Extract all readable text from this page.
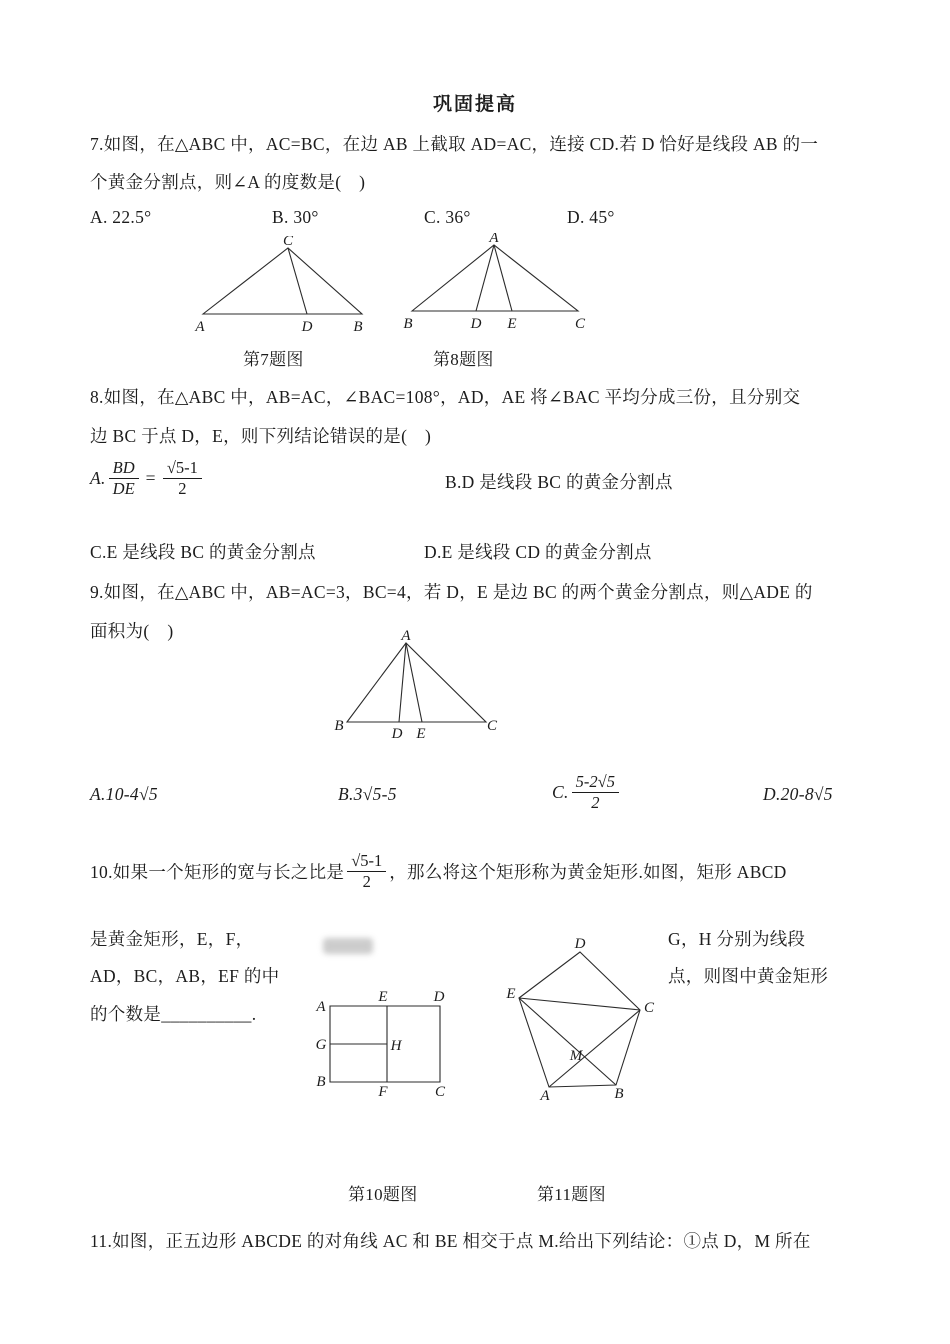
巩固提高
7.如图，在△ABC 中，AC=BC，在边 AB 上截取 AD=AC，连接 CD.若 D 恰好是线段 AB 的一
个黄金分割点，则∠A 的度数是(　)
A. 22.5°	B. 30°	C. 36°	D. 45°
C
A	D	B
A
B	D E	C
第7题图	第8题图
8.如图，在△ABC 中，AB=AC，∠BAC=108°，AD，AE 将∠BAC 平均分成三份，且分别交
边 BC 于点 D，E，则下列结论错误的是(　)
A. $\frac{BD}{DE} = \frac{√5-1}{2}$	B.D 是线段 BC 的黄金分割点
C.E 是线段 BC 的黄金分割点	D.E 是线段 CD 的黄金分割点
9.如图，在△ABC 中，AB=AC=3，BC=4，若 D，E 是边 BC 的两个黄金分割点，则△ADE 的
面积为(　)	A
B	D E	C
A.10-4√5	B.3√5-5	C. $\frac{5-2√5}{2}$	D.20-8√5
10.如果一个矩形的宽与长之比是 $\frac{√5-1}{2}$ ，那么将这个矩形称为黄金矩形.如图，矩形 ABCD
是黄金矩形，E，F，	G，H 分别为线段
AD，BC，AB，EF 的中	点，则图中黄金矩形
的个数是__________.	A
E	D
G	H
B
F	C
D
E
C
M
A	B
第10题图	第11题图
11.如图，正五边形 ABCDE 的对角线 AC 和 BE 相交于点 M.给出下列结论：①点 D，M 所在
